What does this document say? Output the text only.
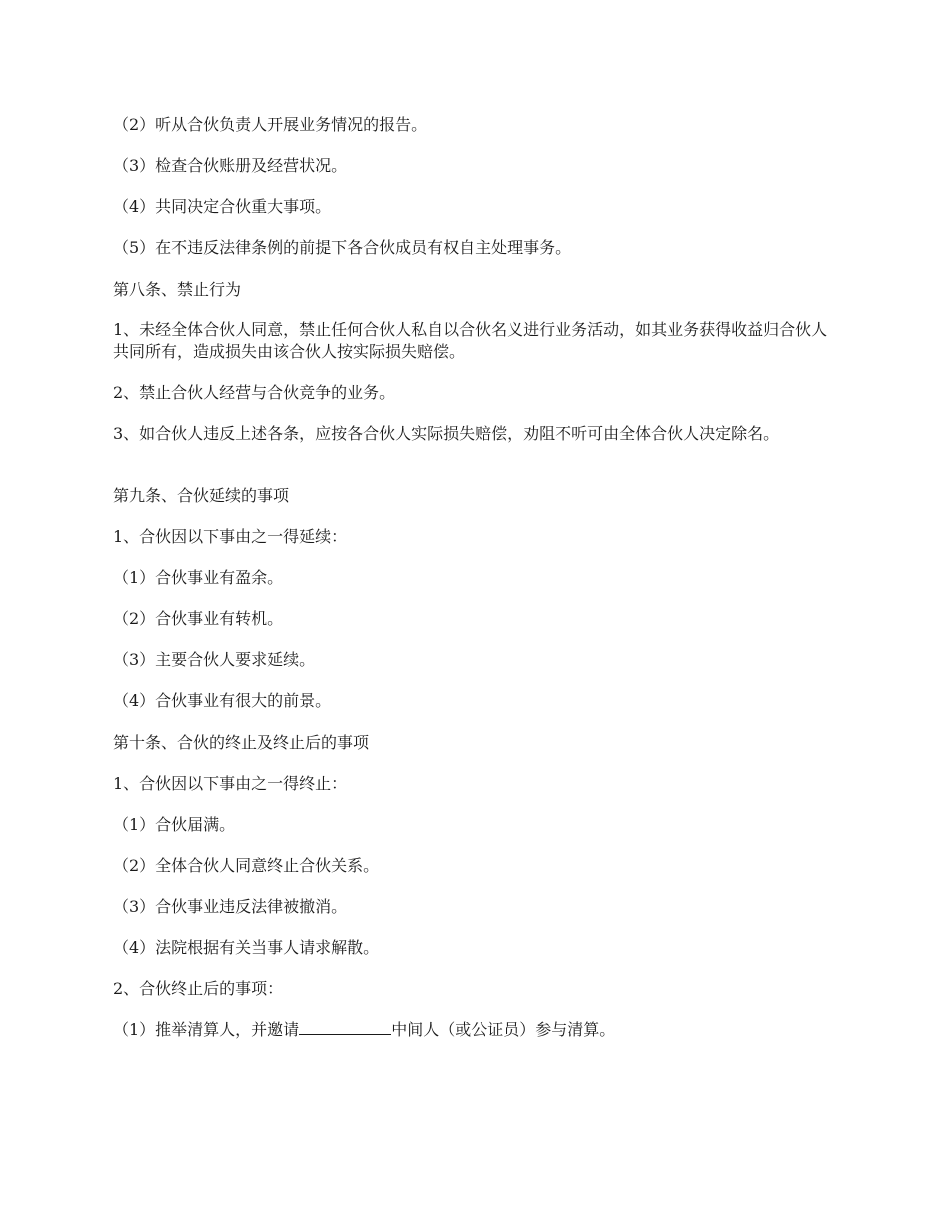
（2）听从合伙负责人开展业务情况的报告。

（3）检查合伙账册及经营状况。

（4）共同决定合伙重大事项。

（5）在不违反法律条例的前提下各合伙成员有权自主处理事务。

第八条、禁止行为

1、未经全体合伙人同意，禁止任何合伙人私自以合伙名义进行业务活动，如其业务获得收益归合伙人共同所有，造成损失由该合伙人按实际损失赔偿。

2、禁止合伙人经营与合伙竞争的业务。

3、如合伙人违反上述各条，应按各合伙人实际损失赔偿，劝阻不听可由全体合伙人决定除名。

第九条、合伙延续的事项

1、合伙因以下事由之一得延续：

（1）合伙事业有盈余。

（2）合伙事业有转机。

（3）主要合伙人要求延续。

（4）合伙事业有很大的前景。

第十条、合伙的终止及终止后的事项

1、合伙因以下事由之一得终止：

（1）合伙届满。

（2）全体合伙人同意终止合伙关系。

（3）合伙事业违反法律被撤消。

（4）法院根据有关当事人请求解散。

2、合伙终止后的事项：

（1）推举清算人，并邀请	中间人（或公证员）参与清算。
